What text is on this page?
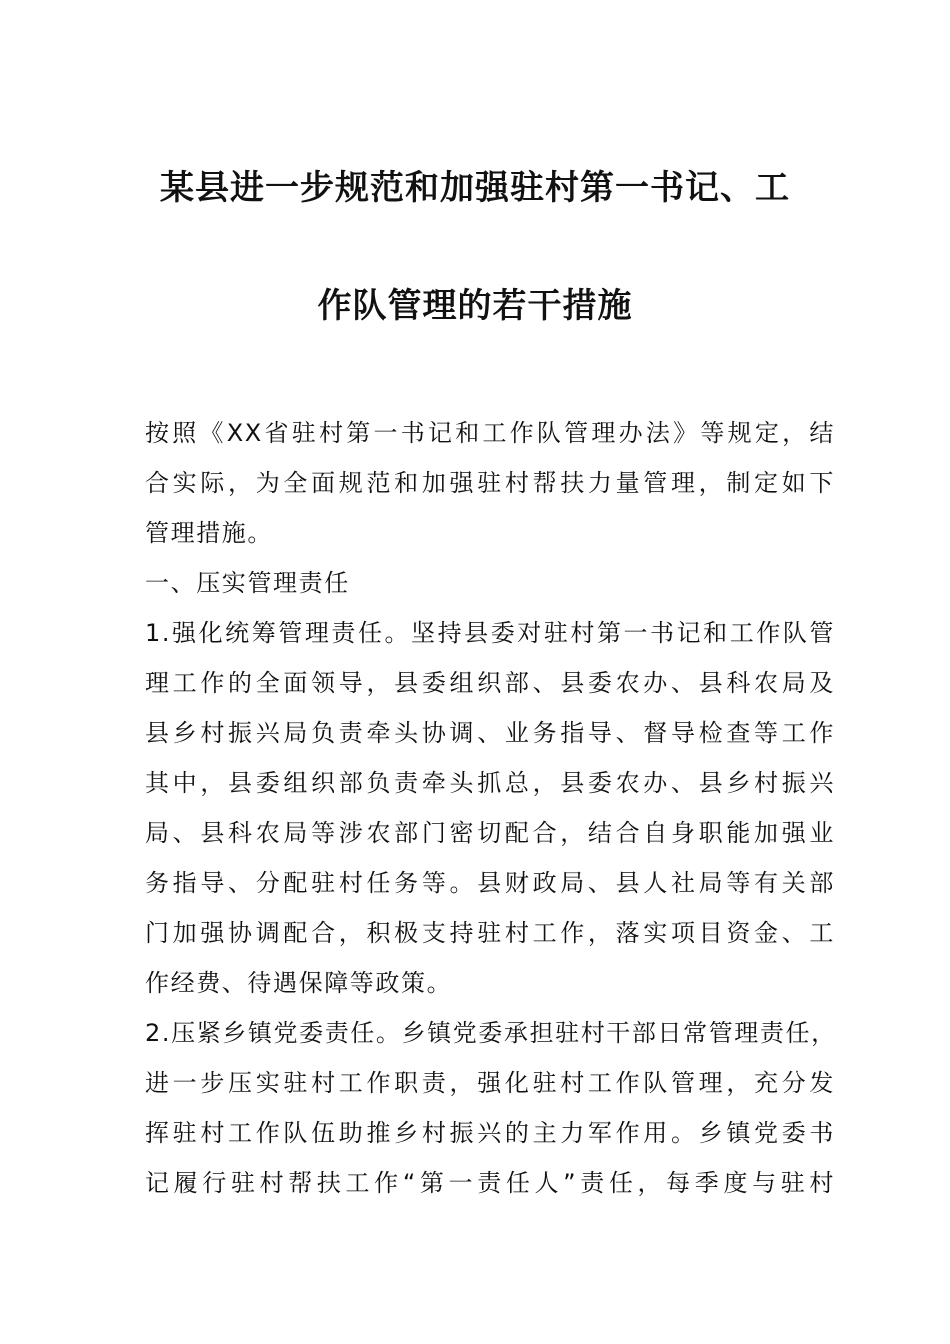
某县进一步规范和加强驻村第一书记、工
作队管理的若干措施
按照《XX省驻村第一书记和工作队管理办法》等规定，结
合实际，为全面规范和加强驻村帮扶力量管理，制定如下
管理措施。
一、压实管理责任
1.强化统筹管理责任。坚持县委对驻村第一书记和工作队管
理工作的全面领导，县委组织部、县委农办、县科农局及
县乡村振兴局负责牵头协调、业务指导、督导检查等工作
其中，县委组织部负责牵头抓总，县委农办、县乡村振兴
局、县科农局等涉农部门密切配合，结合自身职能加强业
务指导、分配驻村任务等。县财政局、县人社局等有关部
门加强协调配合，积极支持驻村工作，落实项目资金、工
作经费、待遇保障等政策。
2.压紧乡镇党委责任。乡镇党委承担驻村干部日常管理责任，
进一步压实驻村工作职责，强化驻村工作队管理，充分发
挥驻村工作队伍助推乡村振兴的主力军作用。乡镇党委书
记履行驻村帮扶工作“第一责任人”责任，每季度与驻村
